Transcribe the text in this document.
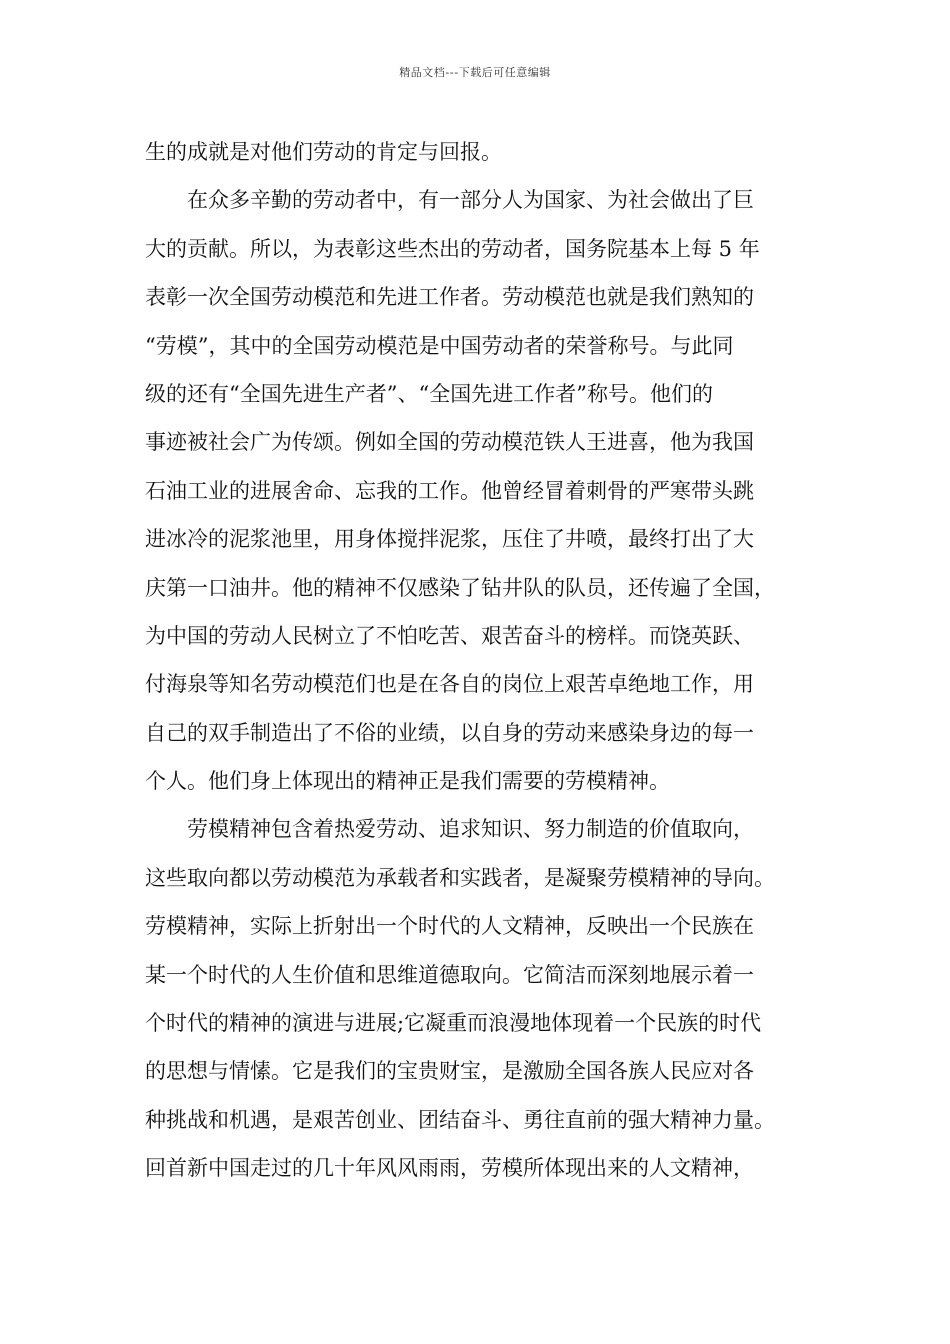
精品文档---下载后可任意编辑
生的成就是对他们劳动的肯定与回报。
在众多辛勤的劳动者中，有一部分人为国家、为社会做出了巨
大的贡献。所以，为表彰这些杰出的劳动者，国务院基本上每 5 年
表彰一次全国劳动模范和先进工作者。劳动模范也就是我们熟知的
“劳模”，其中的全国劳动模范是中国劳动者的荣誉称号。与此同
级的还有“全国先进生产者”、“全国先进工作者”称号。他们的
事迹被社会广为传颂。例如全国的劳动模范铁人王进喜，他为我国
石油工业的进展舍命、忘我的工作。他曾经冒着刺骨的严寒带头跳
进冰冷的泥浆池里，用身体搅拌泥浆，压住了井喷，最终打出了大
庆第一口油井。他的精神不仅感染了钻井队的队员，还传遍了全国，
为中国的劳动人民树立了不怕吃苦、艰苦奋斗的榜样。而饶英跃、
付海泉等知名劳动模范们也是在各自的岗位上艰苦卓绝地工作，用
自己的双手制造出了不俗的业绩，以自身的劳动来感染身边的每一
个人。他们身上体现出的精神正是我们需要的劳模精神。
劳模精神包含着热爱劳动、追求知识、努力制造的价值取向，
这些取向都以劳动模范为承载者和实践者，是凝聚劳模精神的导向。
劳模精神，实际上折射出一个时代的人文精神，反映出一个民族在
某一个时代的人生价值和思维道德取向。它简洁而深刻地展示着一
个时代的精神的演进与进展;它凝重而浪漫地体现着一个民族的时代
的思想与情愫。它是我们的宝贵财宝，是激励全国各族人民应对各
种挑战和机遇，是艰苦创业、团结奋斗、勇往直前的强大精神力量。
回首新中国走过的几十年风风雨雨，劳模所体现出来的人文精神，
